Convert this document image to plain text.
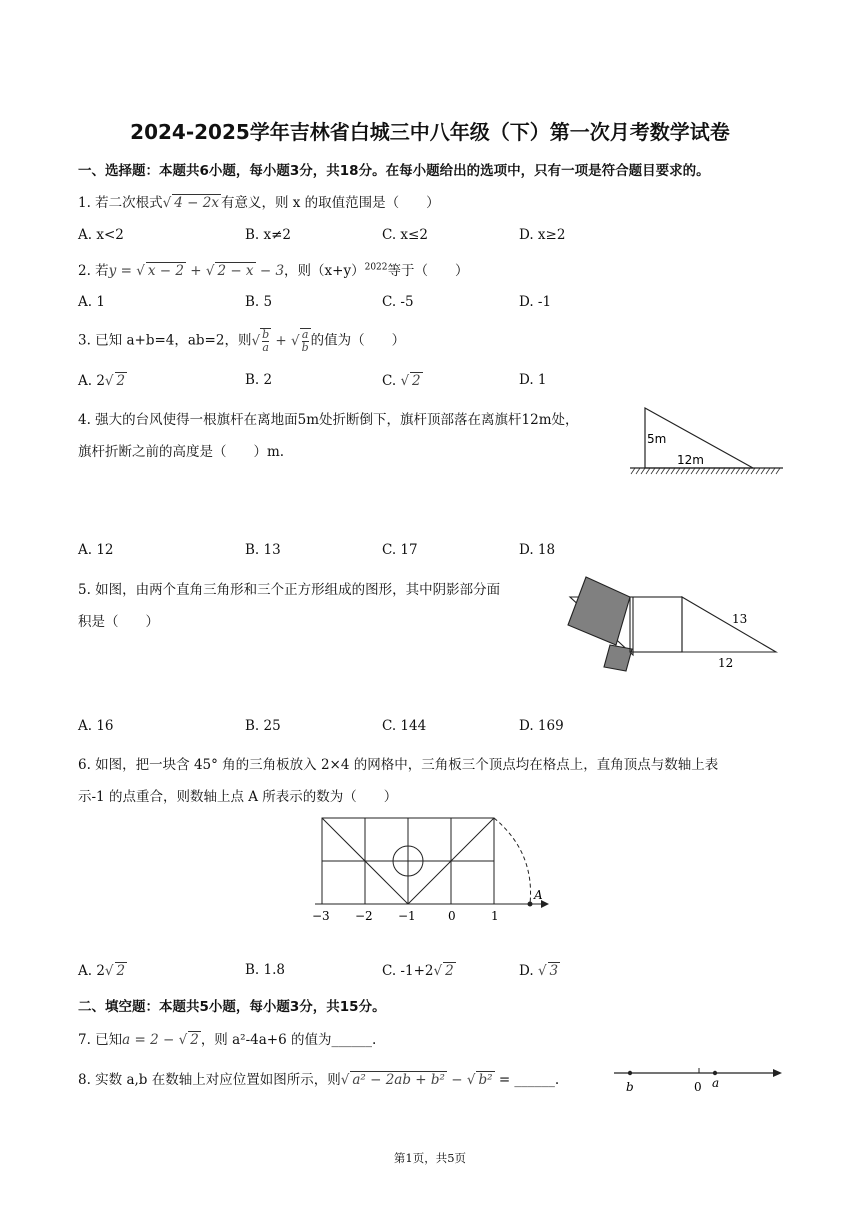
2024-2025学年吉林省白城三中八年级（下）第一次月考数学试卷
一、选择题：本题共6小题，每小题3分，共18分。在每小题给出的选项中，只有一项是符合题目要求的。
1. 若二次根式√ 4 − 2x 有意义，则 x 的取值范围是（　　）
A. x<2	B. x≠2	C. x≤2	D. x≥2
2. 若y = √ x − 2 + √ 2 − x − 3，则$(x+y)^{2022}$等于（　　）
A. 1	B. 5	C. -5	D. -1
3. 已知 a+b=4，ab=2，则√ $\frac{b}{a}$ + √ $\frac{a}{b}$ 的值为（　　）
A. 2√ 2	B. 2	C. √ 2	D. 1
4. 强大的台风使得一根旗杆在离地面5m处折断倒下，旗杆顶部落在离旗杆12m处，
旗杆折断之前的高度是（　　）m.
5m
12m
A. 12	B. 13	C. 17	D. 18
5. 如图，由两个直角三角形和三个正方形组成的图形，其中阴影部分面
积是（　　）	13
12
A. 16	B. 25	C. 144	D. 169
6. 如图，把一块含 45° 角的三角板放入 2×4 的网格中，三角板三个顶点均在格点上，直角顶点与数轴上表
示-1 的点重合，则数轴上点 A 所表示的数为（　　）
A
−3 −2 −1	0	1
A. 2√ 2	B. 1.8	C. -1+2√ 2	D. √ 3
二、填空题：本题共5小题，每小题3分，共15分。
7. 已知a = 2 − √ 2 ，则 a²-4a+6 的值为______.
8. 实数 a,b 在数轴上对应位置如图所示，则√ a² − 2ab + b² − √ b² = ______.	b	0 a
第1页，共5页
